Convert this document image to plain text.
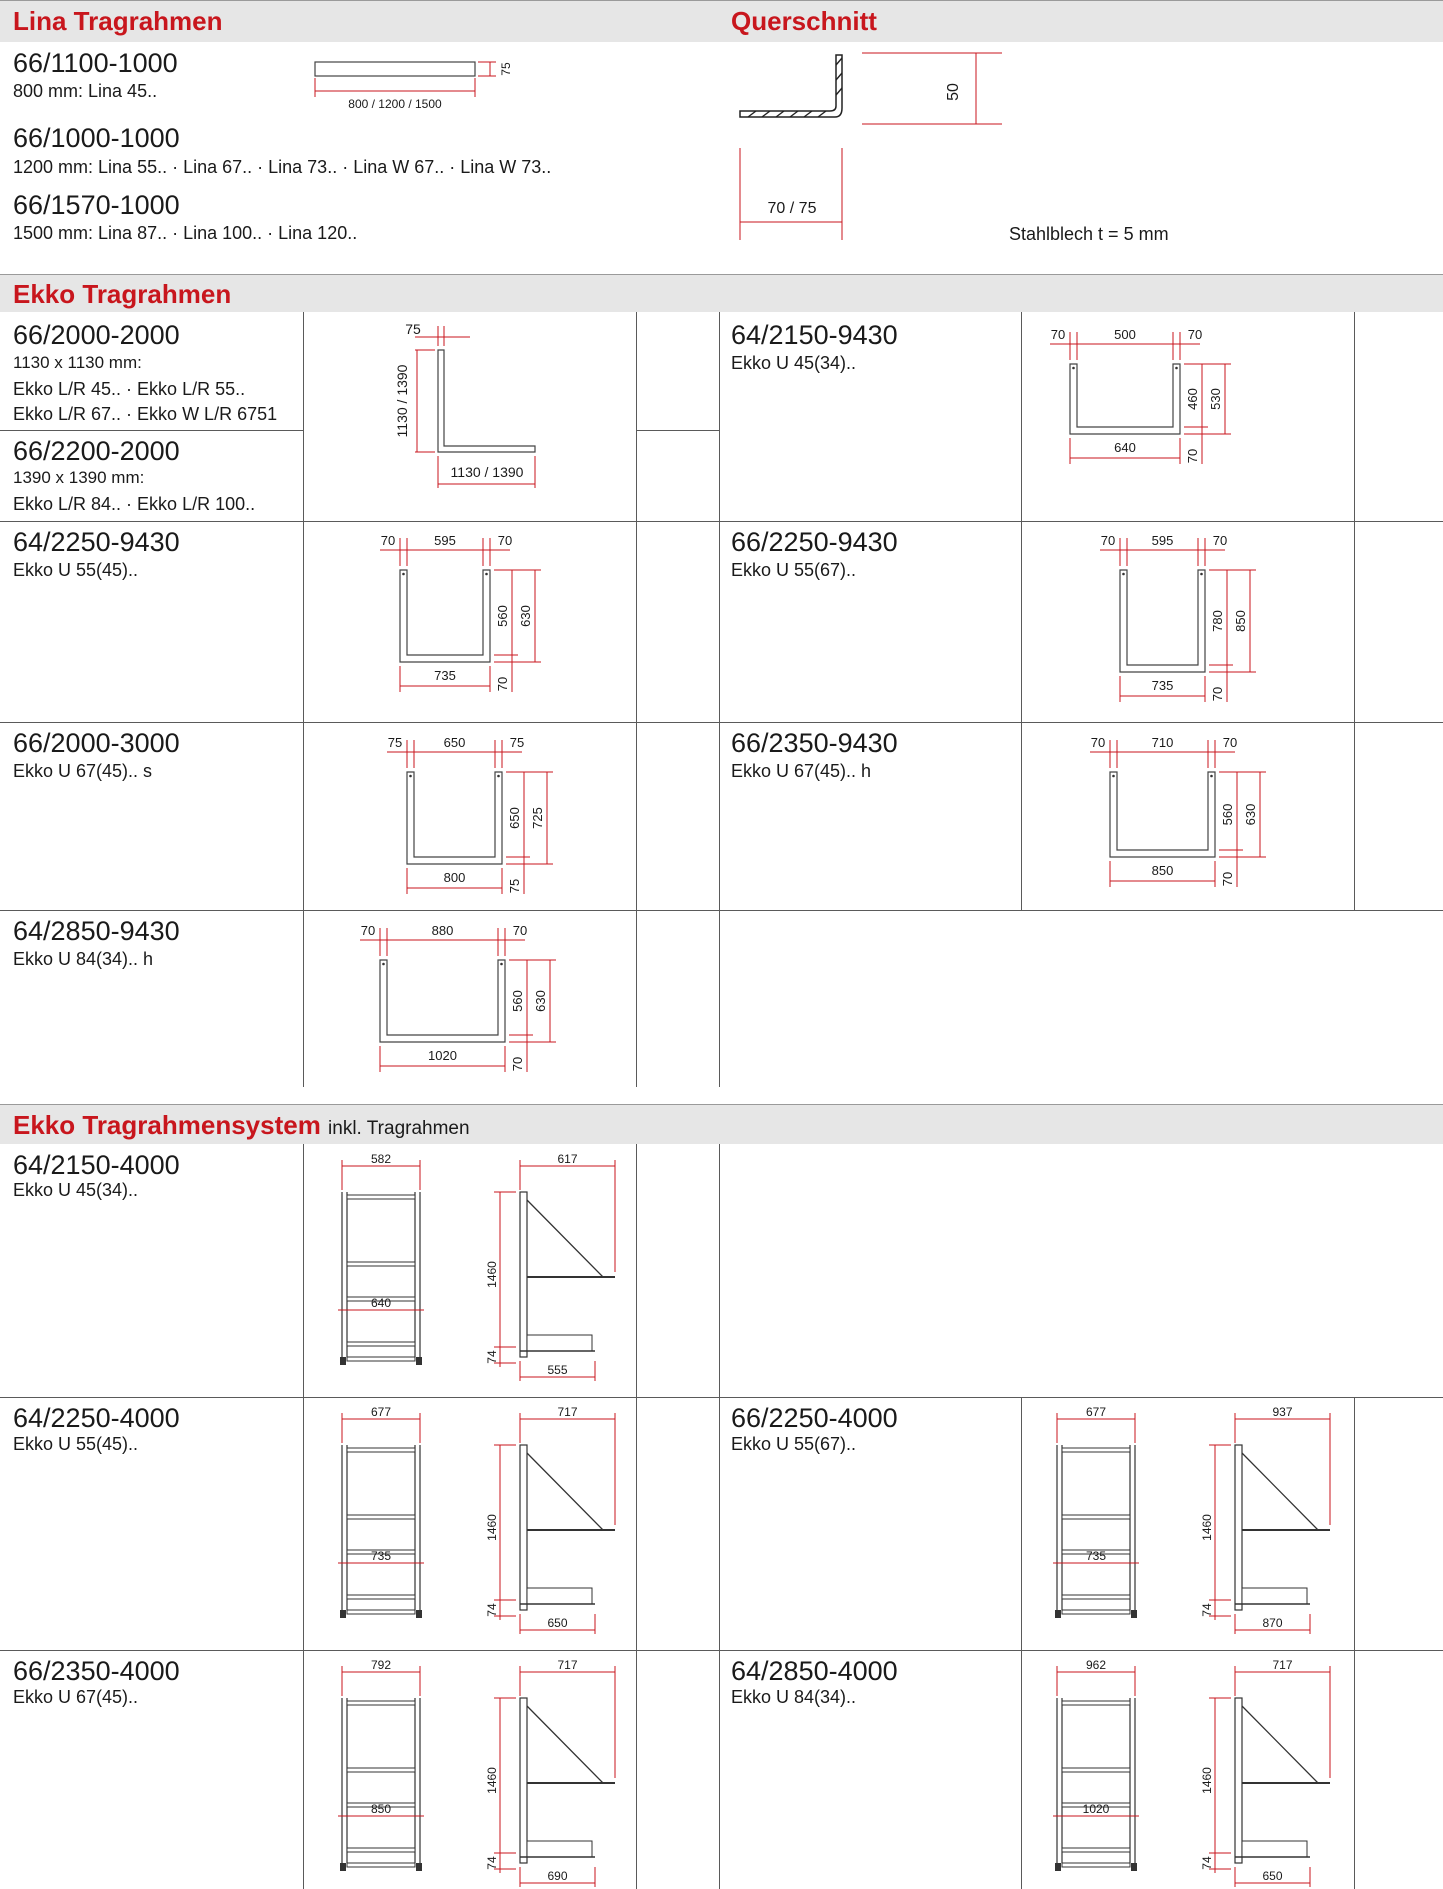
Lina Tragrahmen	Querschnitt
66/1100-1000
800 mm: Lina 45..
66/1000-1000
1200 mm: Lina 55.. · Lina 67.. · Lina 73.. · Lina W 67.. · Lina W 73..
66/1570-1000
1500 mm: Lina 87.. · Lina 100.. · Lina 120..
800 / 1200 / 1500
75
50
70 / 75
Stahlblech t = 5 mm
Ekko Tragrahmen
66/2000-2000
1130 x 1130 mm:
Ekko L/R 45.. · Ekko L/R 55..
Ekko L/R 67.. · Ekko W L/R 6751
66/2200-2000
1390 x 1390 mm:
Ekko L/R 84.. · Ekko L/R 100..
64/2150-9430
Ekko U 45(34)..
64/2250-9430
Ekko U 55(45)..
66/2250-9430
Ekko U 55(67)..
66/2000-3000
Ekko U 67(45).. s
66/2350-9430
Ekko U 67(45).. h
64/2850-9430
Ekko U 84(34).. h
75
1130 / 1390
1130 / 1390
70	500	70
460 530
70
640
70	595	70
560 630
70
735
70	595	70
780 850
70
735
75	650	75
650 725
75
800
70	710	70
560 630
70
850
70	880	70
560 630
70
1020
Ekko Tragrahmensystem inkl. Tragrahmen
64/2150-4000
Ekko U 45(34)..
64/2250-4000
Ekko U 55(45)..
66/2250-4000
Ekko U 55(67)..
66/2350-4000
Ekko U 67(45)..
64/2850-4000
Ekko U 84(34)..
582
640
617
1460
74
555
677
735
717
1460
74
650
677
735
937
1460
74
870
792
850
717
1460
74
690
962
1020
717
1460
74
650
